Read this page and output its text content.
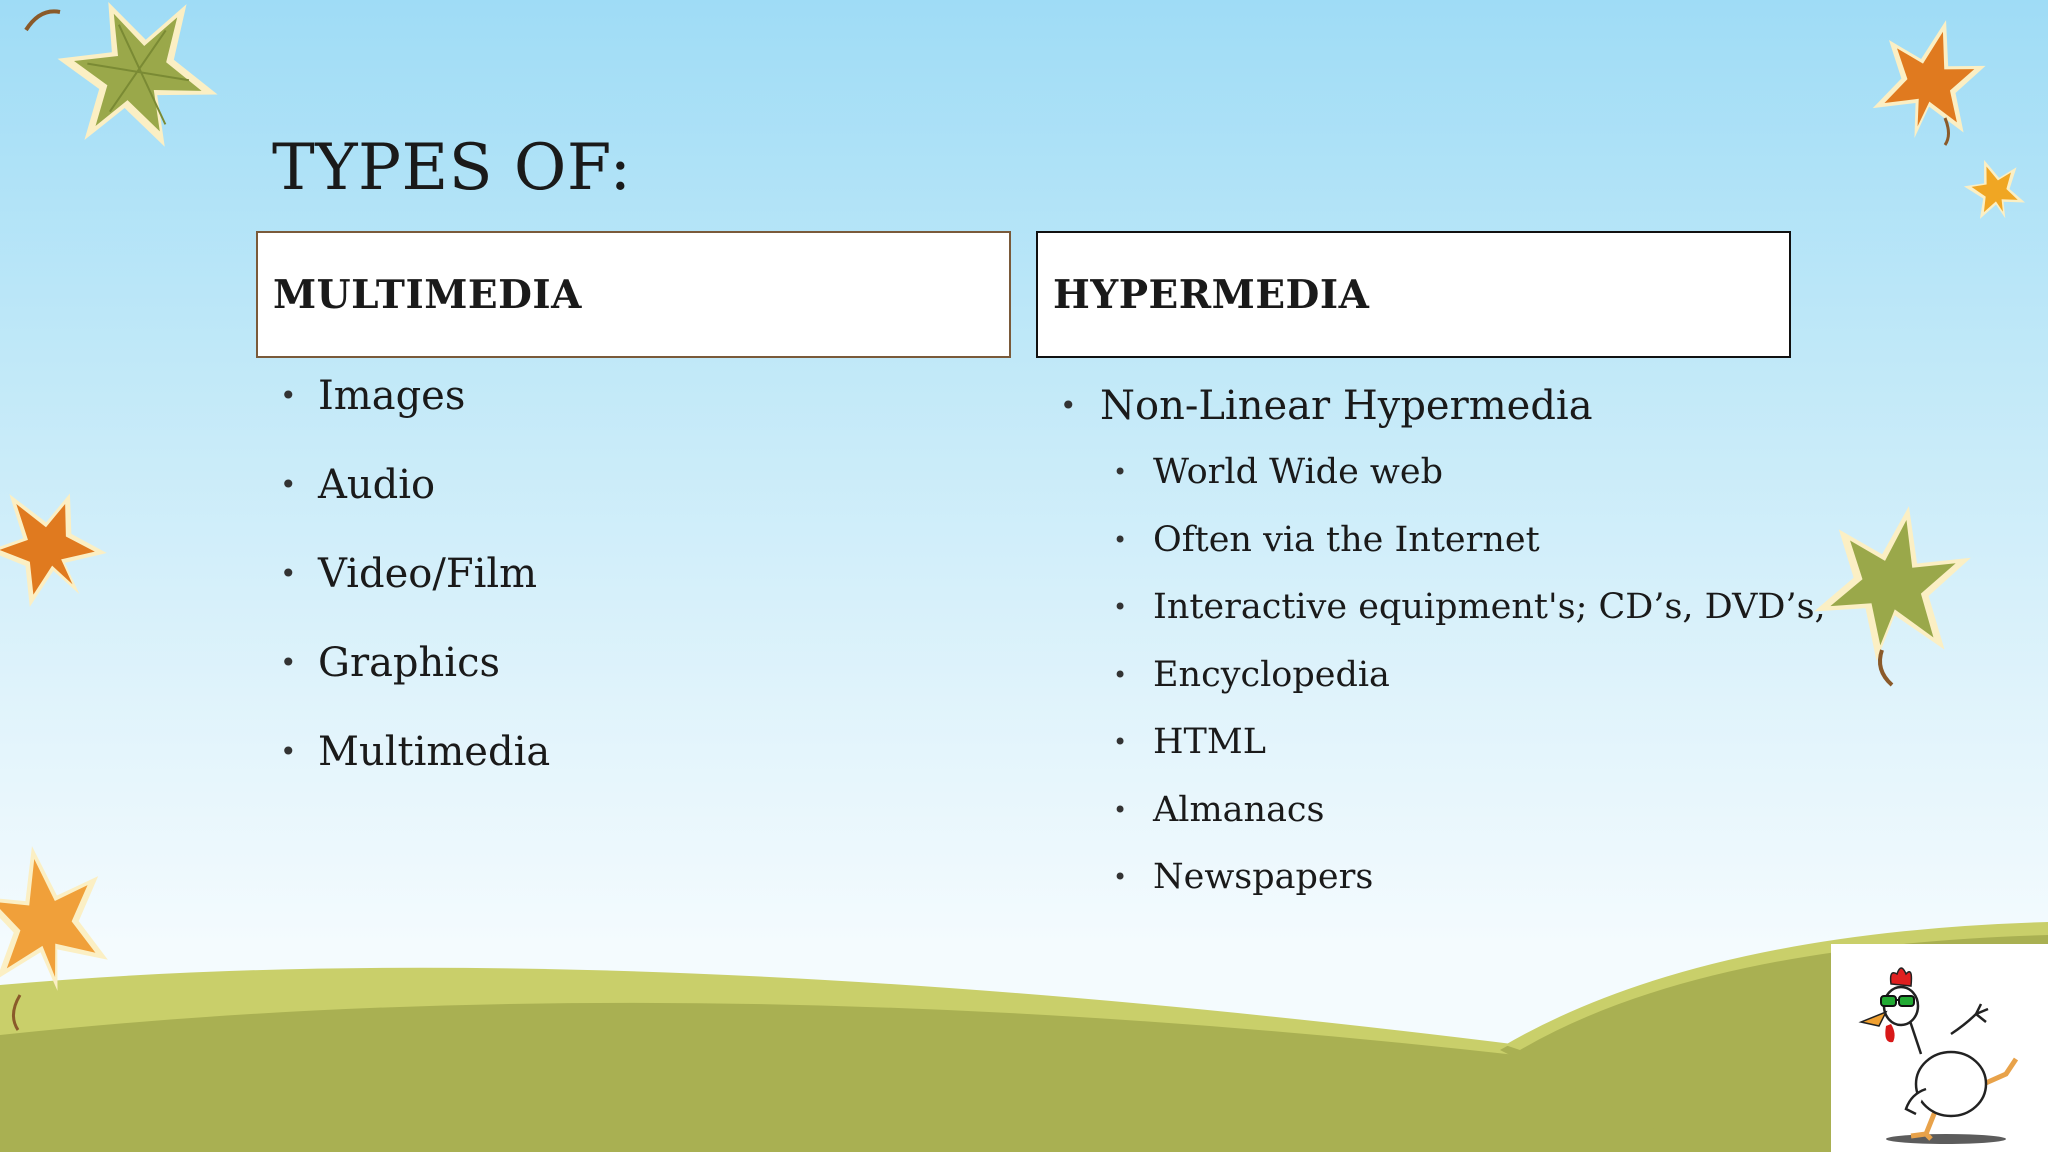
TYPES OF:
MULTIMEDIA	HYPERMEDIA
• Images
• Audio
• Video/Film
• Graphics
• Multimedia
• Non-Linear Hypermedia
• World Wide web
• Often via the Internet
• Interactive equipment's; CD’s, DVD’s,
• Encyclopedia
• HTML
• Almanacs
• Newspapers
